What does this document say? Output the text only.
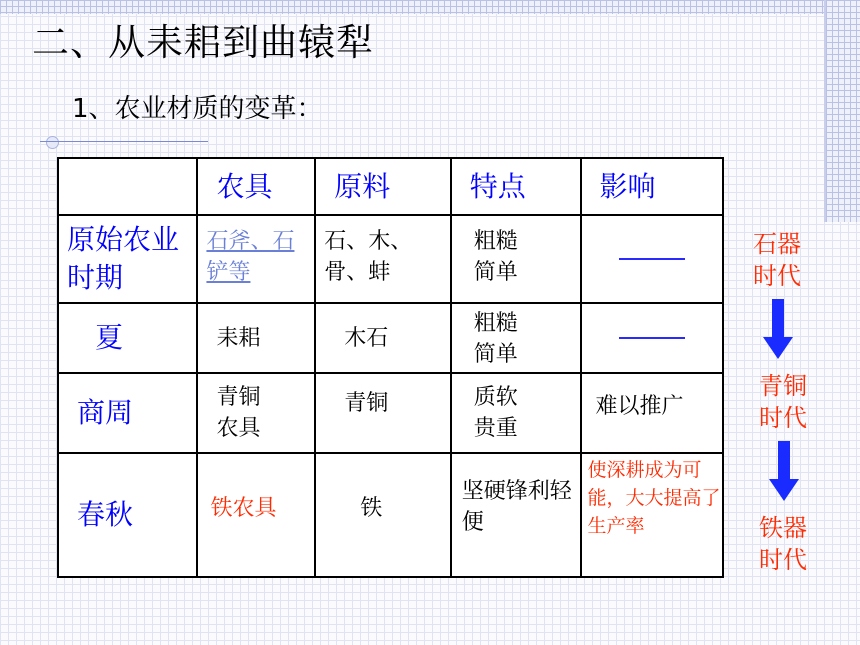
二、从耒耜到曲辕犁
1、农业材质的变革：
	农具	原料	特点	影响
原始农业时期	石斧、石铲等	石、木、骨、蚌	粗糙简单	

夏	耒耜	木石	粗糙简单	

商周	青铜农具	青铜	质软贵重	难以推广
春秋	铁农具	铁	坚硬锋利轻便	使深耕成为可能，大大提高了生产率
石器时代
青铜时代
铁器时代
